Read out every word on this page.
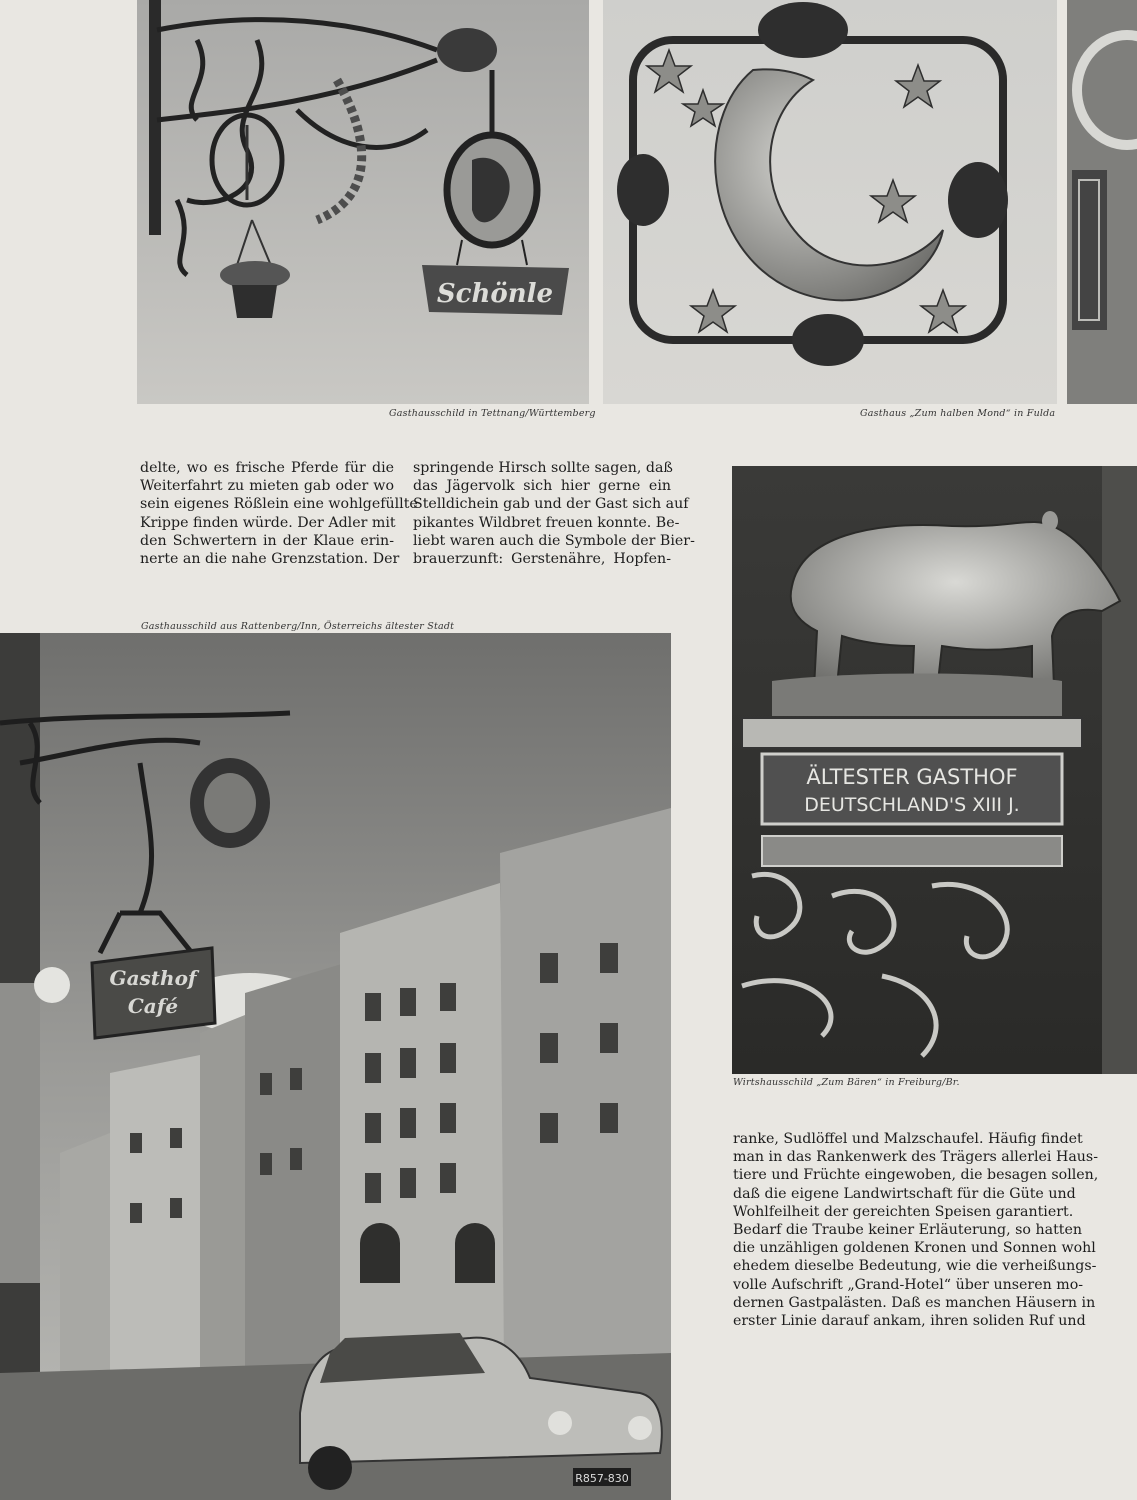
Schönle
Gasthausschild in Tettnang/Württemberg	Gasthaus „Zum halben Mond“ in Fulda
delte, wo es frische Pferde für die
Weiterfahrt zu mieten gab oder wo
sein eigenes Rößlein eine wohlgefüllte
Krippe finden würde. Der Adler mit
den Schwertern in der Klaue erin-
nerte an die nahe Grenzstation. Der
springende Hirsch sollte sagen, daß
das Jägervolk sich hier gerne ein
Stelldichein gab und der Gast sich auf
pikantes Wildbret freuen konnte. Be-
liebt waren auch die Symbole der Bier-
brauerzunft: Gerstenähre, Hopfen-
Gasthausschild aus Rattenberg/Inn, Österreichs ältester Stadt
Gasthof
Café
R857-830
ÄLTESTER GASTHOF
DEUTSCHLAND'S XIII J.
Wirtshausschild „Zum Bären“ in Freiburg/Br.
ranke, Sudlöffel und Malzschaufel. Häufig findet
man in das Rankenwerk des Trägers allerlei Haus-
tiere und Früchte eingewoben, die besagen sollen,
daß die eigene Landwirtschaft für die Güte und
Wohlfeilheit der gereichten Speisen garantiert.
Bedarf die Traube keiner Erläuterung, so hatten
die unzähligen goldenen Kronen und Sonnen wohl
ehedem dieselbe Bedeutung, wie die verheißungs-
volle Aufschrift „Grand-Hotel“ über unseren mo-
dernen Gastpalästen. Daß es manchen Häusern in
erster Linie darauf ankam, ihren soliden Ruf und
